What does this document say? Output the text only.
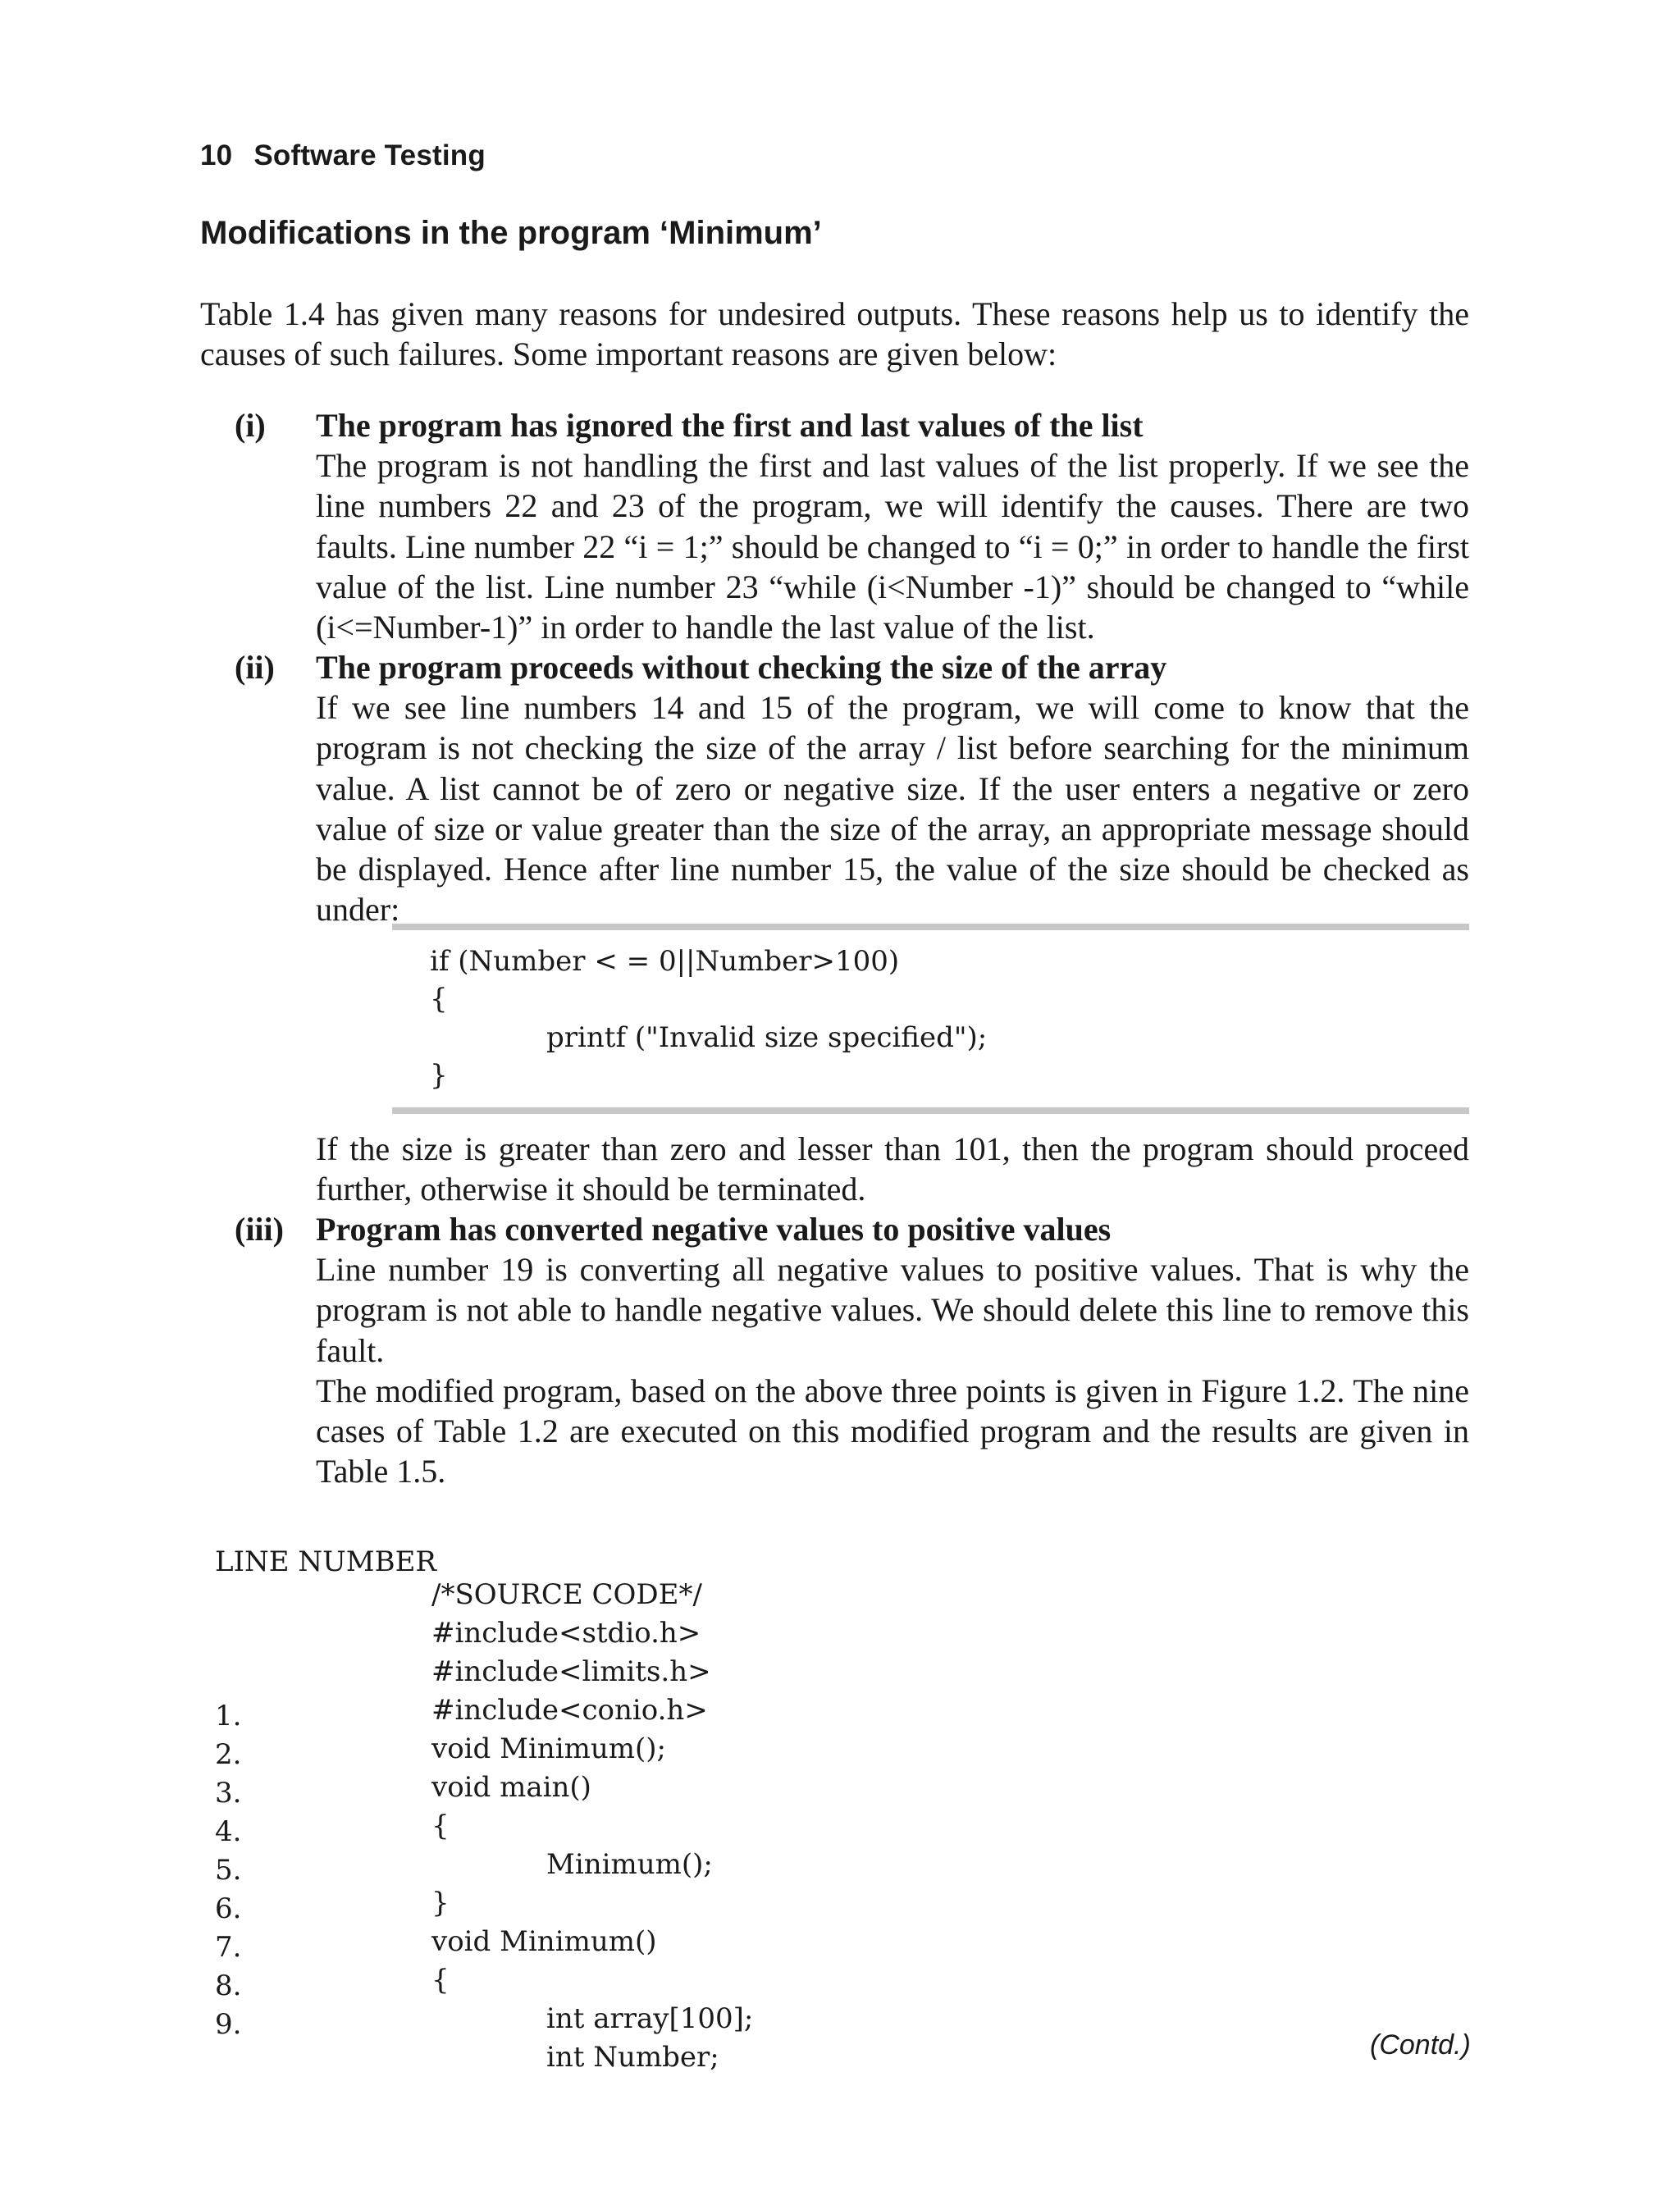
10 Software Testing
Modifications in the program ‘Minimum’
Table 1.4 has given many reasons for undesired outputs. These reasons help us to identify the causes of such failures. Some important reasons are given below:
(i) The program has ignored the first and last values of the list

The program is not handling the first and last values of the list properly. If we see the line numbers 22 and 23 of the program, we will identify the causes. There are two faults. Line number 22 “i = 1;” should be changed to “i = 0;” in order to handle the first value of the list. Line number 23 “while (i<Number -1)” should be changed to “while (i<=Number-1)” in order to handle the last value of the list.

(ii) The program proceeds without checking the size of the array

If we see line numbers 14 and 15 of the program, we will come to know that the program is not checking the size of the array / list before searching for the minimum value. A list cannot be of zero or negative size. If the user enters a negative or zero value of size or value greater than the size of the array, an appropriate message should be displayed. Hence after line number 15, the value of the size should be checked as under:

if (Number < = 0||Number>100)
{
printf ("Invalid size specified");
}

If the size is greater than zero and lesser than 101, then the program should proceed further, otherwise it should be terminated.

(iii) Program has converted negative values to positive values

Line number 19 is converting all negative values to positive values. That is why the program is not able to handle negative values. We should delete this line to remove this fault.

The modified program, based on the above three points is given in Figure 1.2. The nine cases of Table 1.2 are executed on this modified program and the results are given in Table 1.5.

LINE NUMBER

/*SOURCE CODE*/

#include<stdio.h>

#include<limits.h>

#include<conio.h>

1.

void Minimum();

2.

void main()

3.

{

4.

Minimum();

5.

}

6.

void Minimum()

7.

{

8.

int array[100];

9.

int Number;

	(Contd.)
